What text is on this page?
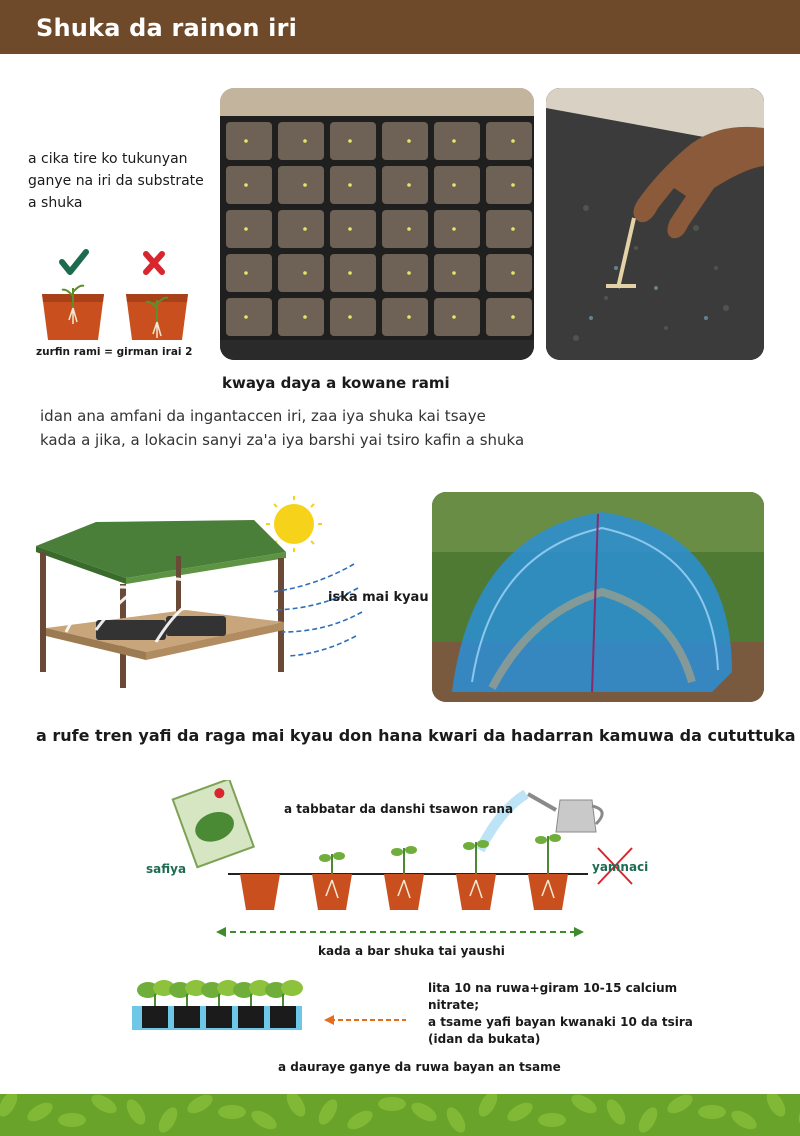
Shuka da rainon iri
a cika tire ko tukunyan
ganye na iri da substrate
a shuka
zurfin rami = girman irai 2
kwaya daya a kowane rami
idan ana amfani da ingantaccen iri, zaa iya shuka kai tsaye
kada a jika, a lokacin sanyi za'a iya barshi yai tsiro kafin a shuka
iska mai kyau
a rufe tren yafi da raga mai kyau don hana kwari da hadarran kamuwa da cututtuka
a tabbatar da danshi tsawon rana
safiya	yamnaci
kada a bar shuka tai yaushi
lita 10 na ruwa+giram 10-15 calcium nitrate;
a tsame yafi bayan kwanaki 10 da tsira
(idan da bukata)
a dauraye ganye da ruwa bayan an tsame
